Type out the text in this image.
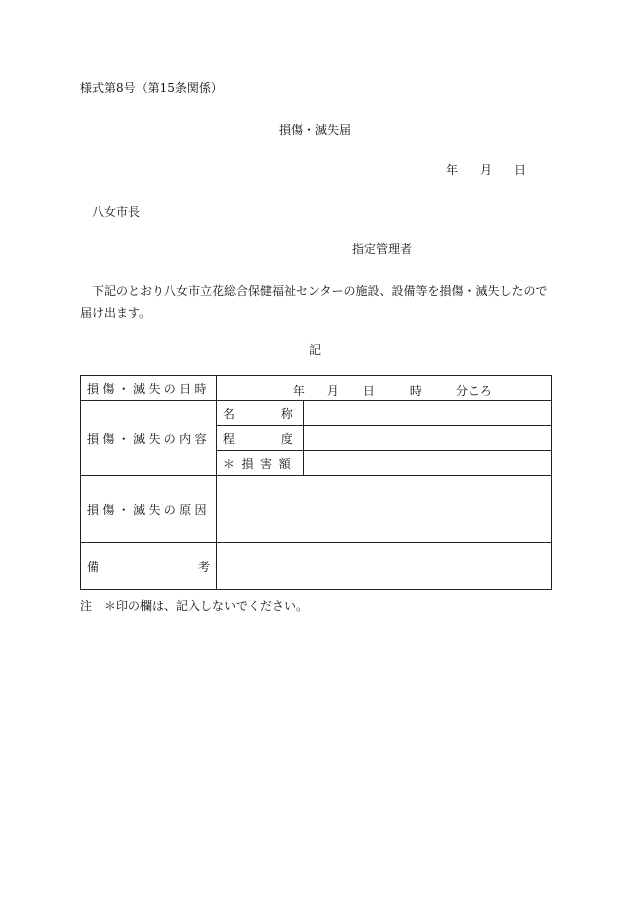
様式第8号（第15条関係）
損傷・滅失届
年 月 日
八女市長
指定管理者
下記のとおり八女市立花総合保健福祉センターの施設、設備等を損傷・滅失したので届け出ます。
記
損傷・滅失の日時	年 月 日 時 分ころ	

損傷・滅失の内容	名 称	

	程 度	

	＊損害額	
損傷・滅失の原因		

備 考		

注　＊印の欄は、記入しないでください。
